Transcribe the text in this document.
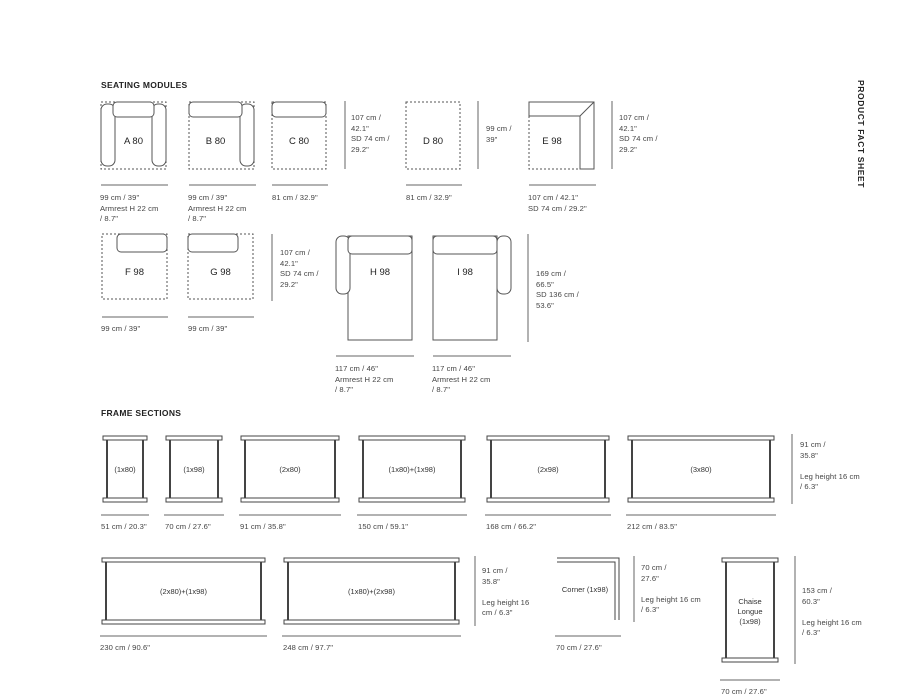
PRODUCT FACT SHEET
SEATING MODULES
FRAME SECTIONS
A 80	B 80	C 80	D 80	E 98
F 98	G 98	H 98	I 98
99 cm / 39"
Armrest H 22 cm
/ 8.7"
99 cm / 39"
Armrest H 22 cm
/ 8.7"
81 cm / 32.9"	81 cm / 32.9"	107 cm / 42.1"
SD 74 cm / 29.2"
99 cm / 39"	99 cm / 39"
117 cm / 46"
Armrest H 22 cm
/ 8.7"
117 cm / 46"
Armrest H 22 cm
/ 8.7"
107 cm /
42.1"
SD 74 cm /
29.2"
99 cm /
39"
107 cm /
42.1"
SD 74 cm /
29.2"
107 cm /
42.1"
SD 74 cm /
29.2"
169 cm /
66.5"
SD 136 cm /
53.6"
(1x80)	(1x98)	(2x80)	(1x80)+(1x98)	(2x98)	(3x80)
(2x80)+(1x98)	(1x80)+(2x98)	Corner (1x98)
Chaise
Longue
(1x98)
51 cm / 20.3" 70 cm / 27.6"	91 cm / 35.8"	150 cm / 59.1"	168 cm / 66.2"	212 cm / 83.5"
230 cm / 90.6"	248 cm / 97.7"	70 cm / 27.6"
70 cm / 27.6"
91 cm /
35.8"

Leg height 16 cm
/ 6.3"
91 cm /
35.8"

Leg height 16
cm / 6.3"
70 cm /
27.6"

Leg height 16 cm
/ 6.3"
153 cm /
60.3"

Leg height 16 cm
/ 6.3"
